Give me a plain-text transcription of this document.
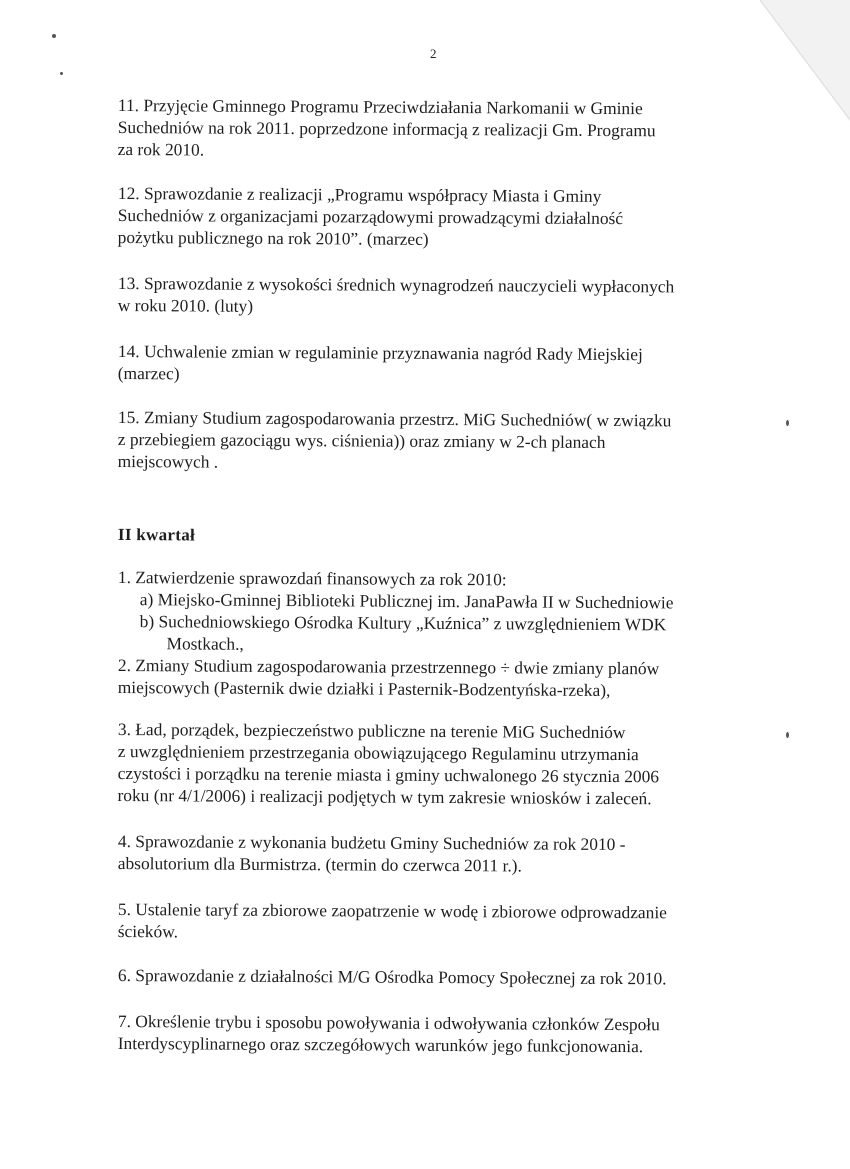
2
11. Przyjęcie Gminnego Programu Przeciwdziałania Narkomanii w Gminie
Suchedniów na rok 2011. poprzedzone informacją z realizacji Gm. Programu
za rok 2010.
12. Sprawozdanie z realizacji „Programu współpracy Miasta i Gminy
Suchedniów z organizacjami pozarządowymi prowadzącymi działalność
pożytku publicznego na rok 2010”. (marzec)
13. Sprawozdanie z wysokości średnich wynagrodzeń nauczycieli wypłaconych
w roku 2010. (luty)
14. Uchwalenie zmian w regulaminie przyznawania nagród Rady Miejskiej
(marzec)
15. Zmiany Studium zagospodarowania przestrz. MiG Suchedniów( w związku
z przebiegiem gazociągu wys. ciśnienia)) oraz zmiany w 2-ch planach
miejscowych .
II kwartał
1. Zatwierdzenie sprawozdań finansowych za rok 2010:
a) Miejsko-Gminnej Biblioteki Publicznej im. JanaPawła II w Suchedniowie
b) Suchedniowskiego Ośrodka Kultury „Kuźnica” z uwzględnieniem WDK
Mostkach.,
2. Zmiany Studium zagospodarowania przestrzennego ÷ dwie zmiany planów
miejscowych (Pasternik dwie działki i Pasternik-Bodzentyńska-rzeka),
3. Ład, porządek, bezpieczeństwo publiczne na terenie MiG Suchedniów
z uwzględnieniem przestrzegania obowiązującego Regulaminu utrzymania
czystości i porządku na terenie miasta i gminy uchwalonego 26 stycznia 2006
roku (nr 4/1/2006) i realizacji podjętych w tym zakresie wniosków i zaleceń.
4. Sprawozdanie z wykonania budżetu Gminy Suchedniów za rok 2010 -
absolutorium dla Burmistrza. (termin do czerwca 2011 r.).
5. Ustalenie taryf za zbiorowe zaopatrzenie w wodę i zbiorowe odprowadzanie
ścieków.
6. Sprawozdanie z działalności M/G Ośrodka Pomocy Społecznej za rok 2010.
7. Określenie trybu i sposobu powoływania i odwoływania członków Zespołu
Interdyscyplinarnego oraz szczegółowych warunków jego funkcjonowania.
